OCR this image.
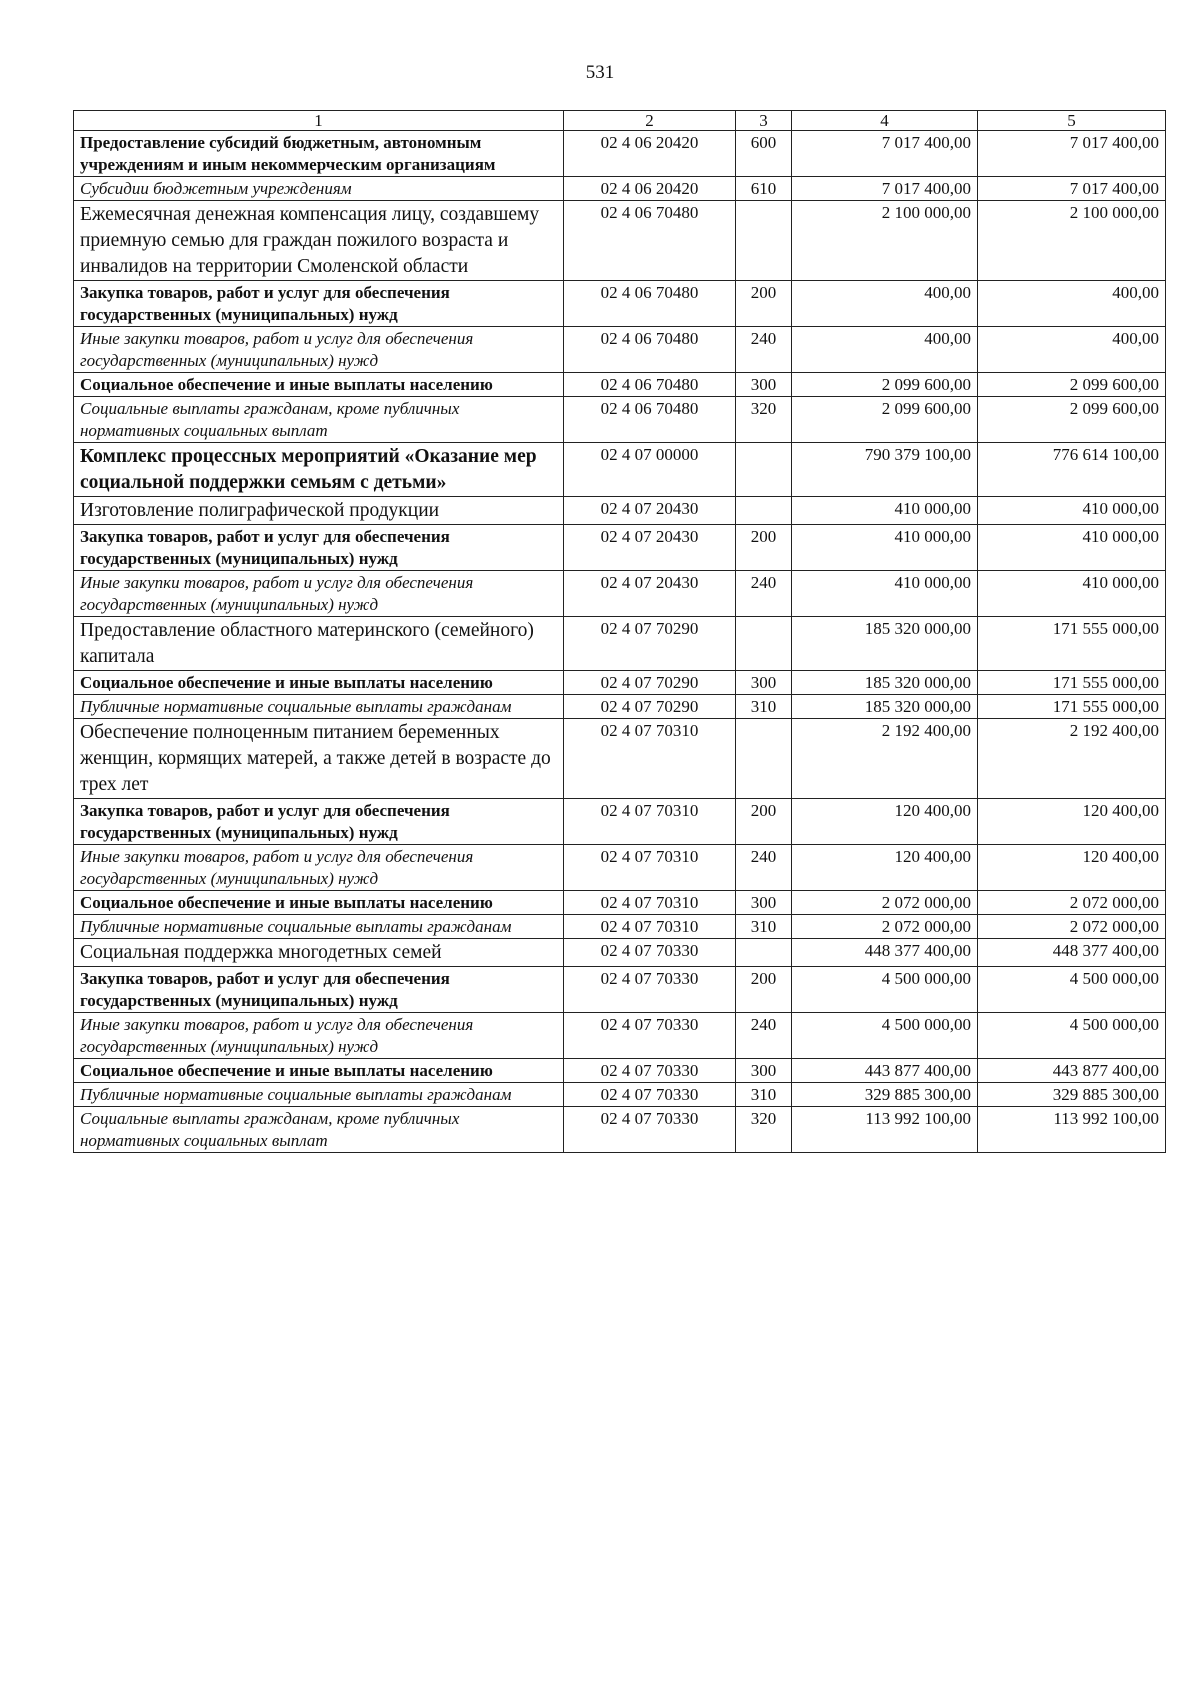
531
1	2	3	4	5
Предоставление субсидий бюджетным, автономным учреждениям и иным некоммерческим организациям	02 4 06 20420	600	7 017 400,00	7 017 400,00
Субсидии бюджетным учреждениям	02 4 06 20420	610	7 017 400,00	7 017 400,00
Ежемесячная денежная компенсация лицу, создавшему приемную семью для граждан пожилого возраста и инвалидов на территории Смоленской области	02 4 06 70480		2 100 000,00	2 100 000,00
Закупка товаров, работ и услуг для обеспечения государственных (муниципальных) нужд	02 4 06 70480	200	400,00	400,00
Иные закупки товаров, работ и услуг для обеспечения государственных (муниципальных) нужд	02 4 06 70480	240	400,00	400,00
Социальное обеспечение и иные выплаты населению	02 4 06 70480	300	2 099 600,00	2 099 600,00
Социальные выплаты гражданам, кроме публичных нормативных социальных выплат	02 4 06 70480	320	2 099 600,00	2 099 600,00
Комплекс процессных мероприятий «Оказание мер социальной поддержки семьям с детьми»	02 4 07 00000		790 379 100,00	776 614 100,00
Изготовление полиграфической продукции	02 4 07 20430		410 000,00	410 000,00
Закупка товаров, работ и услуг для обеспечения государственных (муниципальных) нужд	02 4 07 20430	200	410 000,00	410 000,00
Иные закупки товаров, работ и услуг для обеспечения государственных (муниципальных) нужд	02 4 07 20430	240	410 000,00	410 000,00
Предоставление областного материнского (семейного) капитала	02 4 07 70290		185 320 000,00	171 555 000,00
Социальное обеспечение и иные выплаты населению	02 4 07 70290	300	185 320 000,00	171 555 000,00
Публичные нормативные социальные выплаты гражданам	02 4 07 70290	310	185 320 000,00	171 555 000,00
Обеспечение полноценным питанием беременных женщин, кормящих матерей, а также детей в возрасте до трех лет	02 4 07 70310		2 192 400,00	2 192 400,00
Закупка товаров, работ и услуг для обеспечения государственных (муниципальных) нужд	02 4 07 70310	200	120 400,00	120 400,00
Иные закупки товаров, работ и услуг для обеспечения государственных (муниципальных) нужд	02 4 07 70310	240	120 400,00	120 400,00
Социальное обеспечение и иные выплаты населению	02 4 07 70310	300	2 072 000,00	2 072 000,00
Публичные нормативные социальные выплаты гражданам	02 4 07 70310	310	2 072 000,00	2 072 000,00
Социальная поддержка многодетных семей	02 4 07 70330		448 377 400,00	448 377 400,00
Закупка товаров, работ и услуг для обеспечения государственных (муниципальных) нужд	02 4 07 70330	200	4 500 000,00	4 500 000,00
Иные закупки товаров, работ и услуг для обеспечения государственных (муниципальных) нужд	02 4 07 70330	240	4 500 000,00	4 500 000,00
Социальное обеспечение и иные выплаты населению	02 4 07 70330	300	443 877 400,00	443 877 400,00
Публичные нормативные социальные выплаты гражданам	02 4 07 70330	310	329 885 300,00	329 885 300,00
Социальные выплаты гражданам, кроме публичных нормативных социальных выплат	02 4 07 70330	320	113 992 100,00	113 992 100,00
